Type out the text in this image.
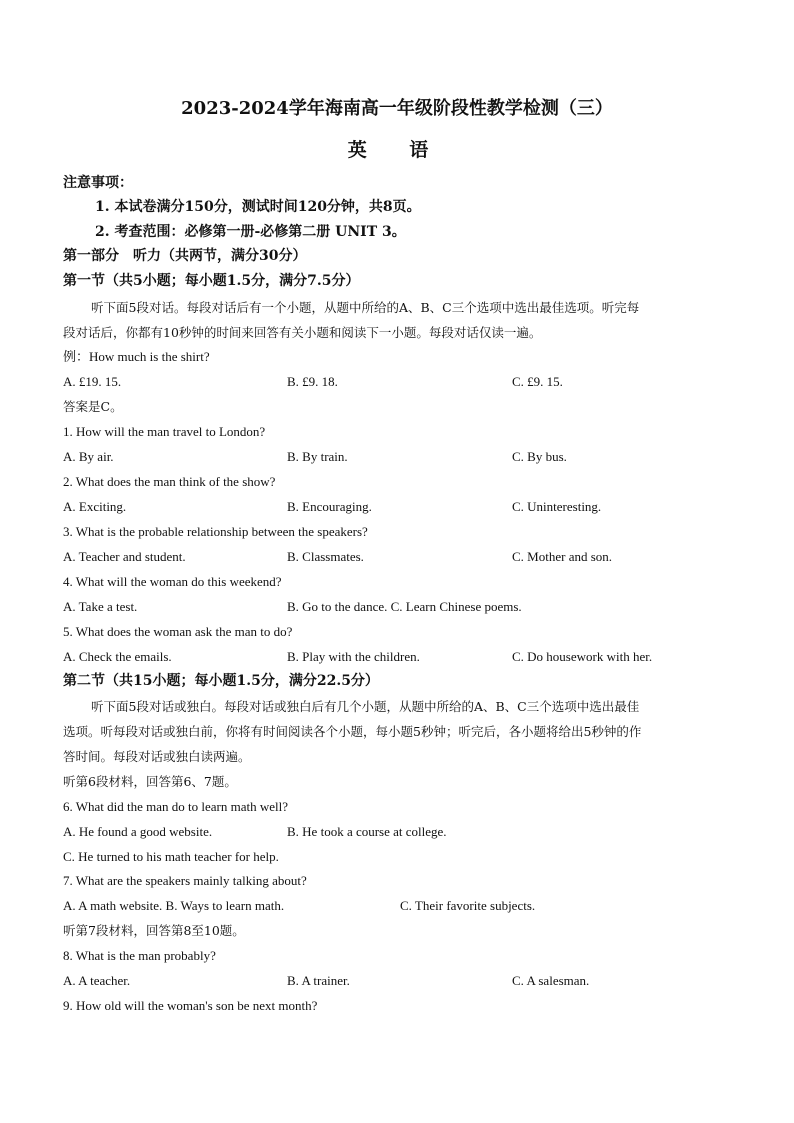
2023-2024学年海南高一年级阶段性教学检测（三）
英 语
注意事项：
1. 本试卷满分150分，测试时间120分钟，共8页。
2. 考查范围：必修第一册-必修第二册 UNIT 3。
第一部分　听力（共两节，满分30分）
第一节（共5小题；每小题1.5分，满分7.5分）
听下面5段对话。每段对话后有一个小题，从题中所给的A、B、C三个选项中选出最佳选项。听完每
段对话后，你都有10秒钟的时间来回答有关小题和阅读下一小题。每段对话仅读一遍。
例：How much is the shirt?
A. £19. 15.	B. £9. 18.	C. £9. 15.
答案是C。
1. How will the man travel to London?
A. By air.	B. By train.	C. By bus.
2. What does the man think of the show?
A. Exciting.	B. Encouraging.	C. Uninteresting.
3. What is the probable relationship between the speakers?
A. Teacher and student.	B. Classmates.	C. Mother and son.
4. What will the woman do this weekend?
A. Take a test.	B. Go to the dance. C. Learn Chinese poems.
5. What does the woman ask the man to do?
A. Check the emails.	B. Play with the children.	C. Do housework with her.
第二节（共15小题；每小题1.5分，满分22.5分）
听下面5段对话或独白。每段对话或独白后有几个小题，从题中所给的A、B、C三个选项中选出最佳
选项。听每段对话或独白前，你将有时间阅读各个小题，每小题5秒钟；听完后，各小题将给出5秒钟的作
答时间。每段对话或独白读两遍。
听第6段材料，回答第6、7题。
6. What did the man do to learn math well?
A. He found a good website.	B. He took a course at college.
C. He turned to his math teacher for help.
7. What are the speakers mainly talking about?
A. A math website. B. Ways to learn math.	C. Their favorite subjects.
听第7段材料，回答第8至10题。
8. What is the man probably?
A. A teacher.	B. A trainer.	C. A salesman.
9. How old will the woman's son be next month?
